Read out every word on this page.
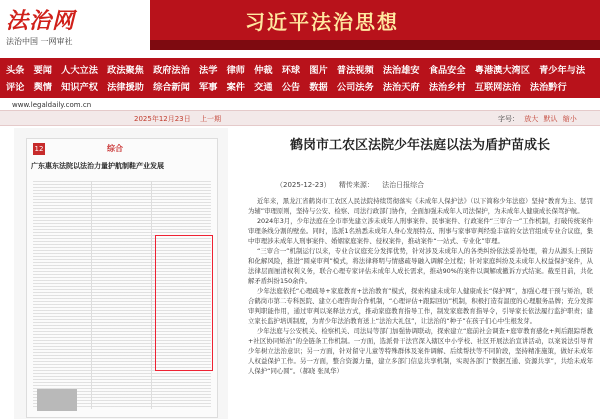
法治网
法治中国 一网审社
习近平法治思想
头条 要闻 人大立法 政法聚焦 政府法治 法学 律师 仲裁 环球 图片 普法视频 法治雄安 食品安全 粤港澳大湾区 青少年与法
评论 舆情 知识产权 法律援助 综合新闻 军事 案件 交通 公告 数据 公司法务 法治天府 法治乡村 互联网法治 法治黔行
www.legaldaily.com.cn
2025年12月23日 上一期	字号： 放大 默认 缩小
12	综合
广东惠东法院以法治力量护航制鞋产业发展
鹤岗市工农区法院少年法庭以法为盾护苗成长
（2025-12-23） 精传来源： 法治日报综合

近年来，黑龙江省鹤岗市工农区人民法院持续贯彻落实《未成年人保护法》（以下简称少年法庭）坚持“教育为主、惩罚为辅”审理原则，坚持与公安、检察、司法行政部门协作，全面加强未成年人司法保护，为未成年人健康成长保驾护航。

2024年3月，少年法庭在全市率先建立涉未成年人刑事案件、民事案件、行政案件“三审合一”工作机制，打破传统案件审理条线分割的壁垒。同时，选派1名熟悉未成年人身心发展特点、刑事与家事审判经验丰富的女法官组成专业合议庭，集中审理涉未成年人刑事案件、婚姻家庭案件、侵权案件，推动案件“一站式、专业化”审理。

“三审合一”机制运行以来，专业合议庭充分发挥优势，针对涉及未成年人的各类纠纷依法妥善处理，着力从源头上预防和化解风险，推进“圆桌审判”模式，将法律释明与情感疏导融入调解全过程；针对家庭纠纷及未成年人权益保护案件，从法律层面厘清权利义务，联合心理专家评估未成年人成长需求，推动90%的案件以调解或撤诉方式结案。截至目前，共化解矛盾纠纷150余件。

少年法庭依托“心理疏导+家庭教育+法治教育”模式，探索构建未成年人健康成长“保护网”，加强心理干预与矫治，联合鹤岗市第二专科医院、建立心理咨询合作机制，“心理评估+跟踪回访”机制，积极打造有温度的心理服务品牌；充分发挥审判职能作用，通过审判以案释法方式，推动家庭教育指导工作，制发家庭教育指导令，引导家长依法履行监护职责；建立家长监护培训制度，为青少年法治教育送上“法治大礼包”，让法治的“种子”在孩子们心中生根发芽。

少年法庭与公安机关、检察机关、司法局等部门加强协调联动，探索建立“庭前社会调查+庭审教育感化+判后跟踪帮教+社区协同矫治”的全链条工作机制。一方面，选派骨干法官深入辖区中小学校、社区开展法治宣讲活动，以案说法引导青少年树立法治意识；另一方面，针对留守儿童等特殊群体及案件调解、后续帮扶等不同阶段，坚持精准施策，做好未成年人权益保护工作。另一方面，整合资源力量，建立多部门信息共享机制，实现各部门“数据互通、资源共享”，共绘未成年人保护“同心圆”。（郝晓 张凤华）
